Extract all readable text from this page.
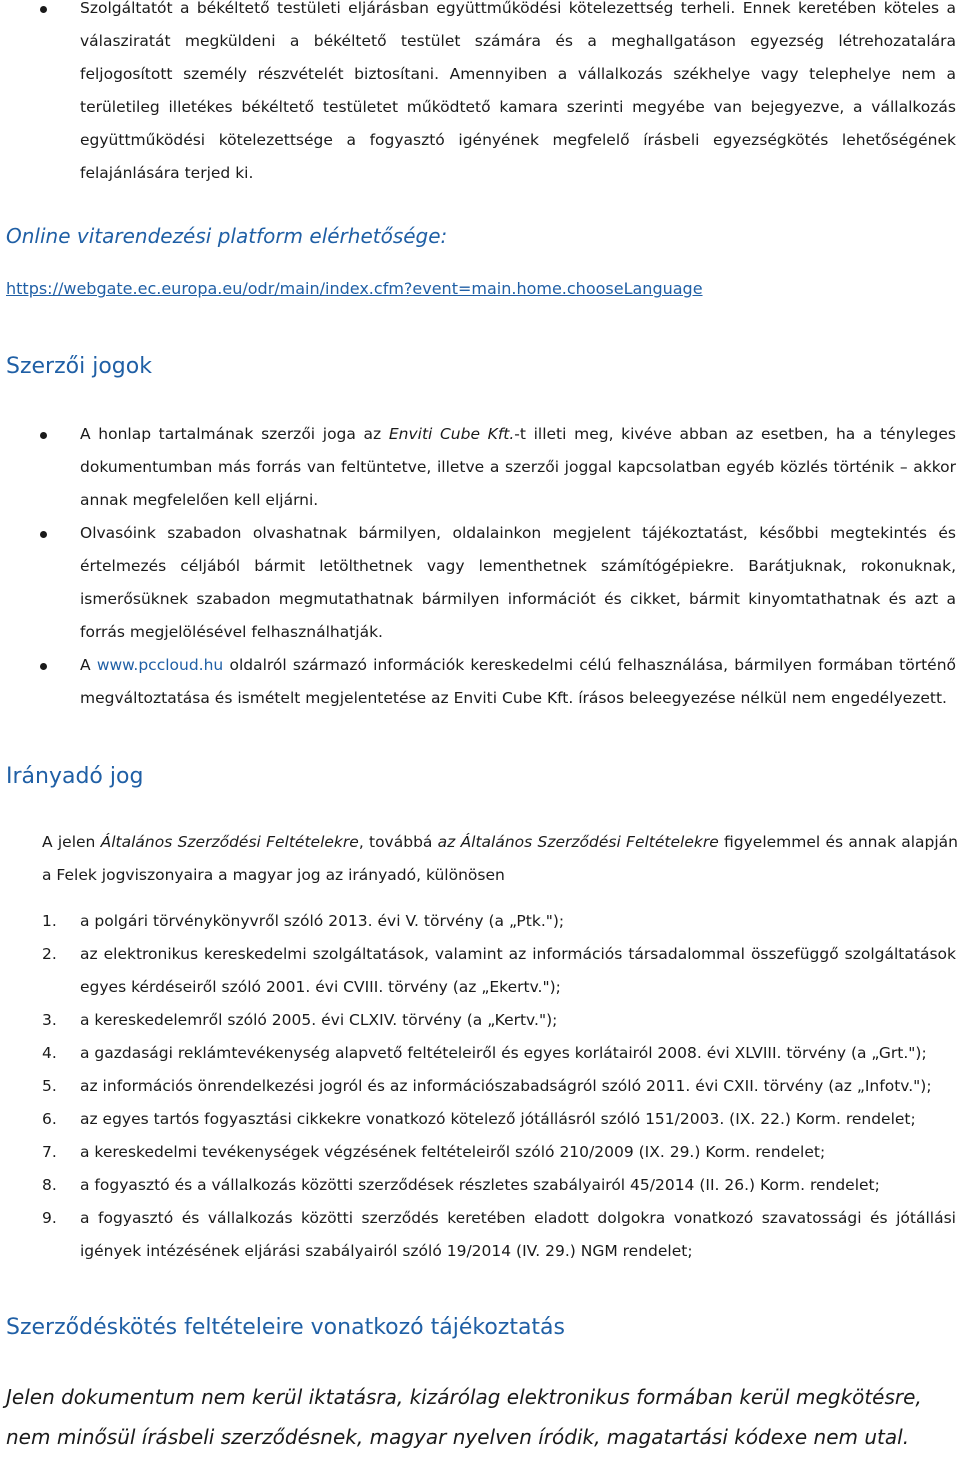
Szolgáltatót a békéltető testületi eljárásban együttműködési kötelezettség terheli. Ennek keretében köteles a válasziratát megküldeni a békéltető testület számára és a meghallgatáson egyezség létrehozatalára feljogosított személy részvételét biztosítani. Amennyiben a vállalkozás székhelye vagy telephelye nem a területileg illetékes békéltető testületet működtető kamara szerinti megyébe van bejegyezve, a vállalkozás együttműködési kötelezettsége a fogyasztó igényének megfelelő írásbeli egyezségkötés lehetőségének felajánlására terjed ki.
Online vitarendezési platform elérhetősége:
https://webgate.ec.europa.eu/odr/main/index.cfm?event=main.home.chooseLanguage
Szerzői jogok
A honlap tartalmának szerzői joga az Enviti Cube Kft.-t illeti meg, kivéve abban az esetben, ha a tényleges dokumentumban más forrás van feltüntetve, illetve a szerzői joggal kapcsolatban egyéb közlés történik – akkor annak megfelelően kell eljárni.
Olvasóink szabadon olvashatnak bármilyen, oldalainkon megjelent tájékoztatást, későbbi megtekintés és értelmezés céljából bármit letölthetnek vagy lementhetnek számítógépiekre. Barátjuknak, rokonuknak, ismerősüknek szabadon megmutathatnak bármilyen információt és cikket, bármit kinyomtathatnak és azt a forrás megjelölésével felhasználhatják.
A www.pccloud.hu oldalról származó információk kereskedelmi célú felhasználása, bármilyen formában történő megváltoztatása és ismételt megjelentetése az Enviti Cube Kft. írásos beleegyezése nélkül nem engedélyezett.
Irányadó jog
A jelen Általános Szerződési Feltételekre, továbbá az Általános Szerződési Feltételekre figyelemmel és annak alapján a Felek jogviszonyaira a magyar jog az irányadó, különösen
1. a polgári törvénykönyvről szóló 2013. évi V. törvény (a „Ptk.");
2. az elektronikus kereskedelmi szolgáltatások, valamint az információs társadalommal összefüggő szolgáltatások egyes kérdéseiről szóló 2001. évi CVIII. törvény (az „Ekertv.");
3. a kereskedelemről szóló 2005. évi CLXIV. törvény (a „Kertv.");
4. a gazdasági reklámtevékenység alapvető feltételeiről és egyes korlátairól 2008. évi XLVIII. törvény (a „Grt.");
5. az információs önrendelkezési jogról és az információszabadságról szóló 2011. évi CXII. törvény (az „Infotv.");
6. az egyes tartós fogyasztási cikkekre vonatkozó kötelező jótállásról szóló 151/2003. (IX. 22.) Korm. rendelet;
7. a kereskedelmi tevékenységek végzésének feltételeiről szóló 210/2009 (IX. 29.) Korm. rendelet;
8. a fogyasztó és a vállalkozás közötti szerződések részletes szabályairól 45/2014 (II. 26.) Korm. rendelet;
9. a fogyasztó és vállalkozás közötti szerződés keretében eladott dolgokra vonatkozó szavatossági és jótállási igények intézésének eljárási szabályairól szóló 19/2014 (IV. 29.) NGM rendelet;
Szerződéskötés feltételeire vonatkozó tájékoztatás
Jelen dokumentum nem kerül iktatásra, kizárólag elektronikus formában kerül megkötésre, nem minősül írásbeli szerződésnek, magyar nyelven íródik, magatartási kódexe nem utal.
